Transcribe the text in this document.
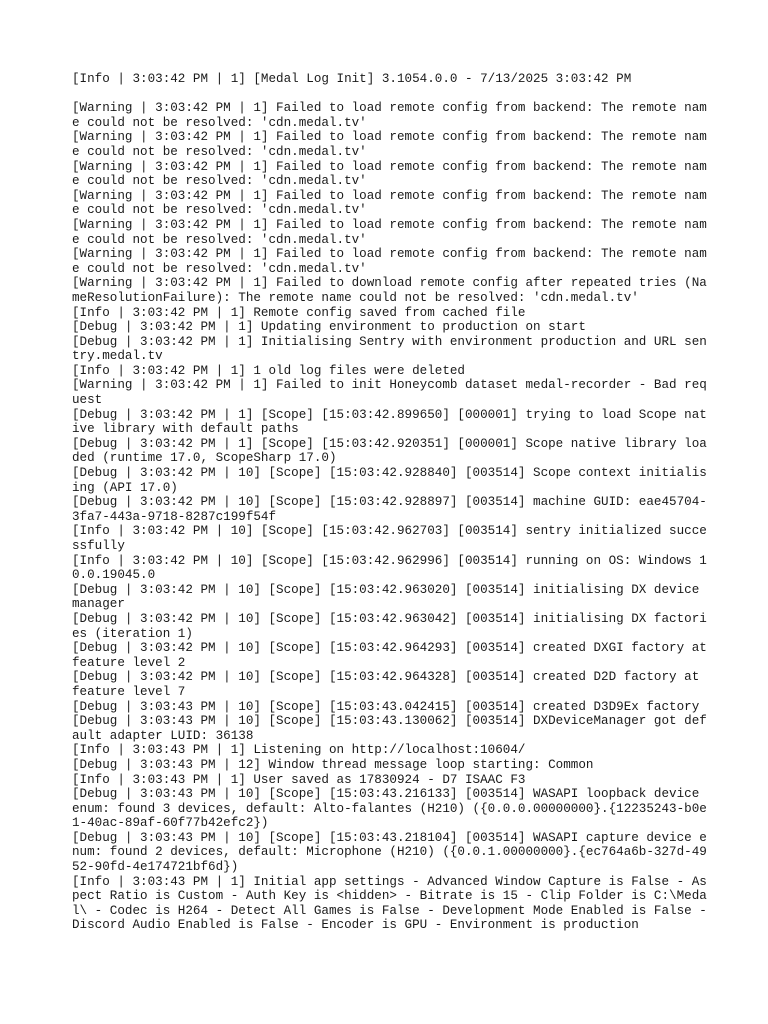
[Info | 3:03:42 PM | 1] [Medal Log Init] 3.1054.0.0 - 7/13/2025 3:03:42 PM
[Warning | 3:03:42 PM | 1] Failed to load remote config from backend: The remote name could not be resolved: 'cdn.medal.tv'
[Warning | 3:03:42 PM | 1] Failed to load remote config from backend: The remote name could not be resolved: 'cdn.medal.tv'
[Warning | 3:03:42 PM | 1] Failed to load remote config from backend: The remote name could not be resolved: 'cdn.medal.tv'
[Warning | 3:03:42 PM | 1] Failed to load remote config from backend: The remote name could not be resolved: 'cdn.medal.tv'
[Warning | 3:03:42 PM | 1] Failed to load remote config from backend: The remote name could not be resolved: 'cdn.medal.tv'
[Warning | 3:03:42 PM | 1] Failed to load remote config from backend: The remote name could not be resolved: 'cdn.medal.tv'
[Warning | 3:03:42 PM | 1] Failed to download remote config after repeated tries (NameResolutionFailure): The remote name could not be resolved: 'cdn.medal.tv'
[Info | 3:03:42 PM | 1] Remote config saved from cached file
[Debug | 3:03:42 PM | 1] Updating environment to production on start
[Debug | 3:03:42 PM | 1] Initialising Sentry with environment production and URL sentry.medal.tv
[Info | 3:03:42 PM | 1] 1 old log files were deleted
[Warning | 3:03:42 PM | 1] Failed to init Honeycomb dataset medal-recorder - Bad request
[Debug | 3:03:42 PM | 1] [Scope] [15:03:42.899650] [000001] trying to load Scope native library with default paths
[Debug | 3:03:42 PM | 1] [Scope] [15:03:42.920351] [000001] Scope native library loaded (runtime 17.0, ScopeSharp 17.0)
[Debug | 3:03:42 PM | 10] [Scope] [15:03:42.928840] [003514] Scope context initialising (API 17.0)
[Debug | 3:03:42 PM | 10] [Scope] [15:03:42.928897] [003514] machine GUID: eae45704-3fa7-443a-9718-8287c199f54f
[Info | 3:03:42 PM | 10] [Scope] [15:03:42.962703] [003514] sentry initialized successfully
[Info | 3:03:42 PM | 10] [Scope] [15:03:42.962996] [003514] running on OS: Windows 10.0.19045.0
[Debug | 3:03:42 PM | 10] [Scope] [15:03:42.963020] [003514] initialising DX device manager
[Debug | 3:03:42 PM | 10] [Scope] [15:03:42.963042] [003514] initialising DX factories (iteration 1)
[Debug | 3:03:42 PM | 10] [Scope] [15:03:42.964293] [003514] created DXGI factory at feature level 2
[Debug | 3:03:42 PM | 10] [Scope] [15:03:42.964328] [003514] created D2D factory at feature level 7
[Debug | 3:03:43 PM | 10] [Scope] [15:03:43.042415] [003514] created D3D9Ex factory
[Debug | 3:03:43 PM | 10] [Scope] [15:03:43.130062] [003514] DXDeviceManager got default adapter LUID: 36138
[Info | 3:03:43 PM | 1] Listening on http://localhost:10604/
[Debug | 3:03:43 PM | 12] Window thread message loop starting: Common
[Info | 3:03:43 PM | 1] User saved as 17830924 - D7 ISAAC F3
[Debug | 3:03:43 PM | 10] [Scope] [15:03:43.216133] [003514] WASAPI loopback device enum: found 3 devices, default: Alto-falantes (H210) ({0.0.0.00000000}.{12235243-b0e1-40ac-89af-60f77b42efc2})
[Debug | 3:03:43 PM | 10] [Scope] [15:03:43.218104] [003514] WASAPI capture device enum: found 2 devices, default: Microphone (H210) ({0.0.1.00000000}.{ec764a6b-327d-4952-90fd-4e174721bf6d})
[Info | 3:03:43 PM | 1] Initial app settings - Advanced Window Capture is False - Aspect Ratio is Custom - Auth Key is <hidden> - Bitrate is 15 - Clip Folder is C:\Medal\ - Codec is H264 - Detect All Games is False - Development Mode Enabled is False - Discord Audio Enabled is False - Encoder is GPU - Environment is production
